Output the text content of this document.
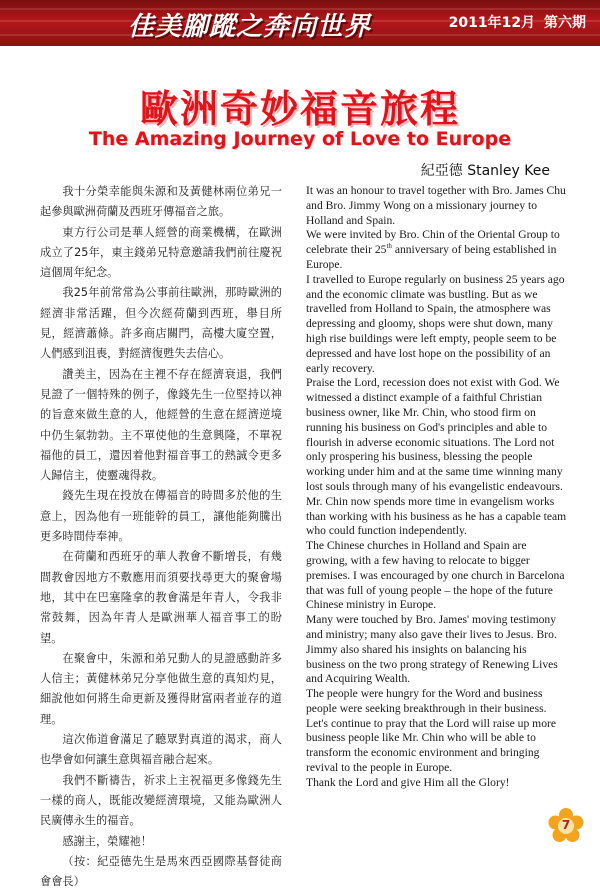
佳美腳蹤之奔向世界	2011年12月 第六期
歐洲奇妙福音旅程
The Amazing Journey of Love to Europe
紀亞德 Stanley Kee

我十分榮幸能與朱源和及黃健林兩位弟兄一起參與歐洲荷蘭及西班牙傳福音之旅。

東方行公司是華人經營的商業機構，在歐洲成立了25年，東主錢弟兄特意邀請我們前往慶祝這個周年紀念。

我25年前常常為公事前往歐洲，那時歐洲的經濟非常活躍，但今次經荷蘭到西班，舉目所見，經濟蕭條。許多商店關門，高樓大廈空置，人們感到沮喪，對經濟復甦失去信心。

讚美主，因為在主裡不存在經濟衰退，我們見證了一個特殊的例子，像錢先生一位堅持以神的旨意來做生意的人，他經營的生意在經濟逆境中仍生氣勃勃。主不單使他的生意興隆，不單祝福他的員工，還因着他對福音事工的熱誠令更多人歸信主，使靈魂得救。

錢先生現在投放在傳福音的時間多於他的生意上，因為他有一班能幹的員工，讓他能夠騰出更多時間侍奉神。

在荷蘭和西班牙的華人教會不斷增長，有幾間教會因地方不敷應用而須要找尋更大的聚會場地，其中在巴塞隆拿的教會滿是年青人，令我非常鼓舞，因為年青人是歐洲華人福音事工的盼望。

在聚會中，朱源和弟兄動人的見證感動許多人信主；黃健林弟兄分享他做生意的真知灼見，細說他如何將生命更新及獲得財富兩者並存的道理。

這次佈道會滿足了聽眾對真道的渴求，商人也學會如何讓生意與福音融合起來。

我們不斷禱告，祈求上主祝福更多像錢先生一樣的商人，既能改變經濟環境，又能為歐洲人民廣傳永生的福音。

感謝主，榮耀祂！

（按：紀亞德先生是馬來西亞國際基督徒商會會長）

It was an honour to travel together with Bro. James Chu and Bro. Jimmy Wong on a missionary journey to Holland and Spain.

We were invited by Bro. Chin of the Oriental Group to celebrate their 25th anniversary of being established in Europe.

I travelled to Europe regularly on business 25 years ago and the economic climate was bustling. But as we travelled from Holland to Spain, the atmosphere was depressing and gloomy, shops were shut down, many high rise buildings were left empty, people seem to be depressed and have lost hope on the possibility of an early recovery.

Praise the Lord, recession does not exist with God. We witnessed a distinct example of a faithful Christian business owner, like Mr. Chin, who stood firm on running his business on God's principles and able to flourish in adverse economic situations. The Lord not only prospering his business, blessing the people working under him and at the same time winning many lost souls through many of his evangelistic endeavours.

Mr. Chin now spends more time in evangelism works than working with his business as he has a capable team who could function independently.

The Chinese churches in Holland and Spain are growing, with a few having to relocate to bigger premises. I was encouraged by one church in Barcelona that was full of young people – the hope of the future Chinese ministry in Europe.

Many were touched by Bro. James' moving testimony and ministry; many also gave their lives to Jesus. Bro. Jimmy also shared his insights on balancing his business on the two prong strategy of Renewing Lives and Acquiring Wealth.

The people were hungry for the Word and business people were seeking breakthrough in their business. Let's continue to pray that the Lord will raise up more business people like Mr. Chin who will be able to transform the economic environment and bringing revival to the people in Europe.

Thank the Lord and give Him all the Glory!

7
